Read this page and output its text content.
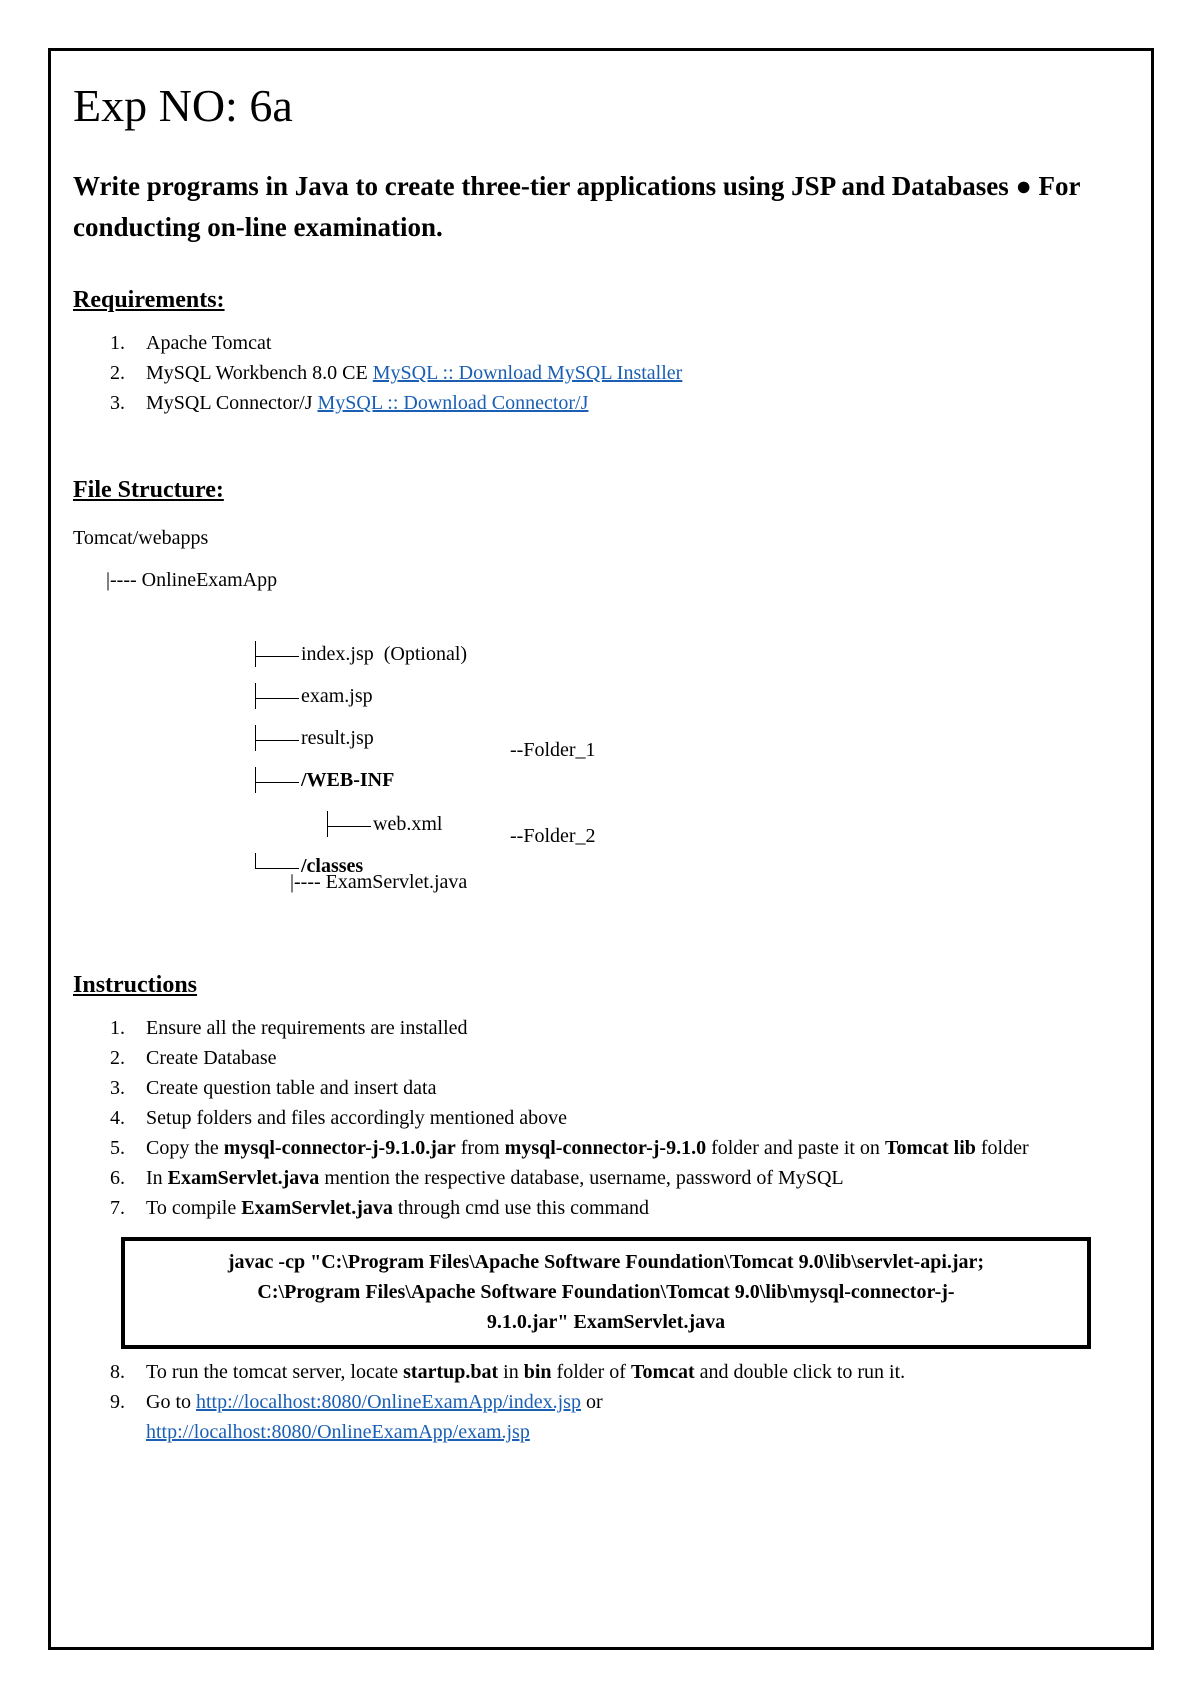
Exp NO: 6a
Write programs in Java to create three-tier applications using JSP and Databases ● For conducting on-line examination.
Requirements:
1.	Apache Tomcat
2.	MySQL Workbench 8.0 CE MySQL :: Download MySQL Installer
3.	MySQL Connector/J MySQL :: Download Connector/J
File Structure:
Tomcat/webapps
|---- OnlineExamApp

index.jsp  (Optional)

exam.jsp

result.jsp

/WEB-INF

--Folder_1

web.xml

/classes

--Folder_2
|---- ExamServlet.java
Instructions
1.	Ensure all the requirements are installed
2.	Create Database
3.	Create question table and insert data
4.	Setup folders and files accordingly mentioned above
5.	Copy the mysql-connector-j-9.1.0.jar from mysql-connector-j-9.1.0 folder and paste it on Tomcat lib folder
6.	In ExamServlet.java mention the respective database, username, password of MySQL
7.	To compile ExamServlet.java through cmd use this command
javac -cp "C:\Program Files\Apache Software Foundation\Tomcat 9.0\lib\servlet-api.jar;
C:\Program Files\Apache Software Foundation\Tomcat 9.0\lib\mysql-connector-j-
9.1.0.jar" ExamServlet.java
8.	To run the tomcat server, locate startup.bat in bin folder of Tomcat and double click to run it.
9.	Go to http://localhost:8080/OnlineExamApp/index.jsp or
http://localhost:8080/OnlineExamApp/exam.jsp
